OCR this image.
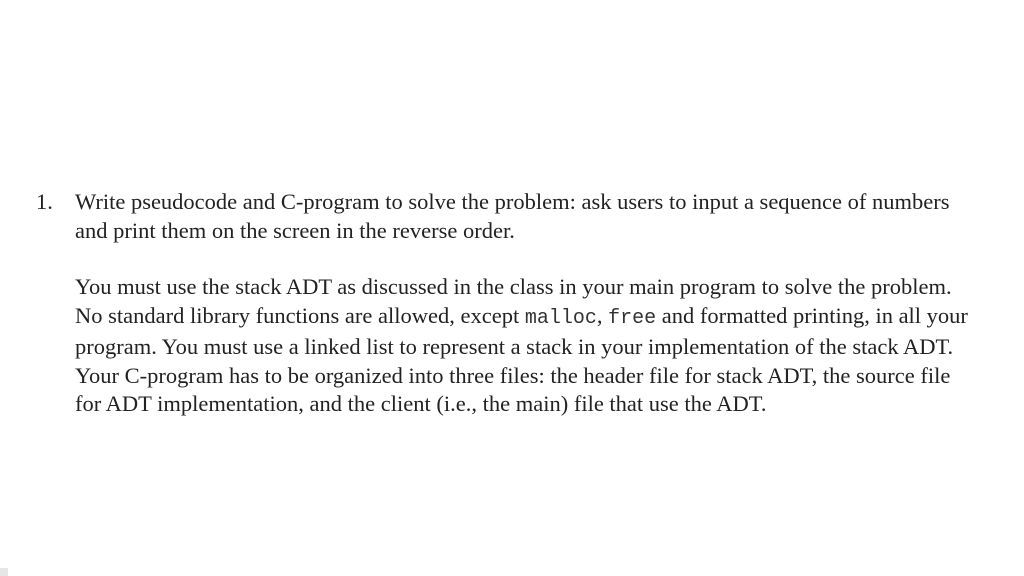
1. Write pseudocode and C-program to solve the problem: ask users to input a sequence of numbers and print them on the screen in the reverse order.

You must use the stack ADT as discussed in the class in your main program to solve the problem. No standard library functions are allowed, except malloc, free and formatted printing, in all your program. You must use a linked list to represent a stack in your implementation of the stack ADT. Your C-program has to be organized into three files: the header file for stack ADT, the source file for ADT implementation, and the client (i.e., the main) file that use the ADT.
